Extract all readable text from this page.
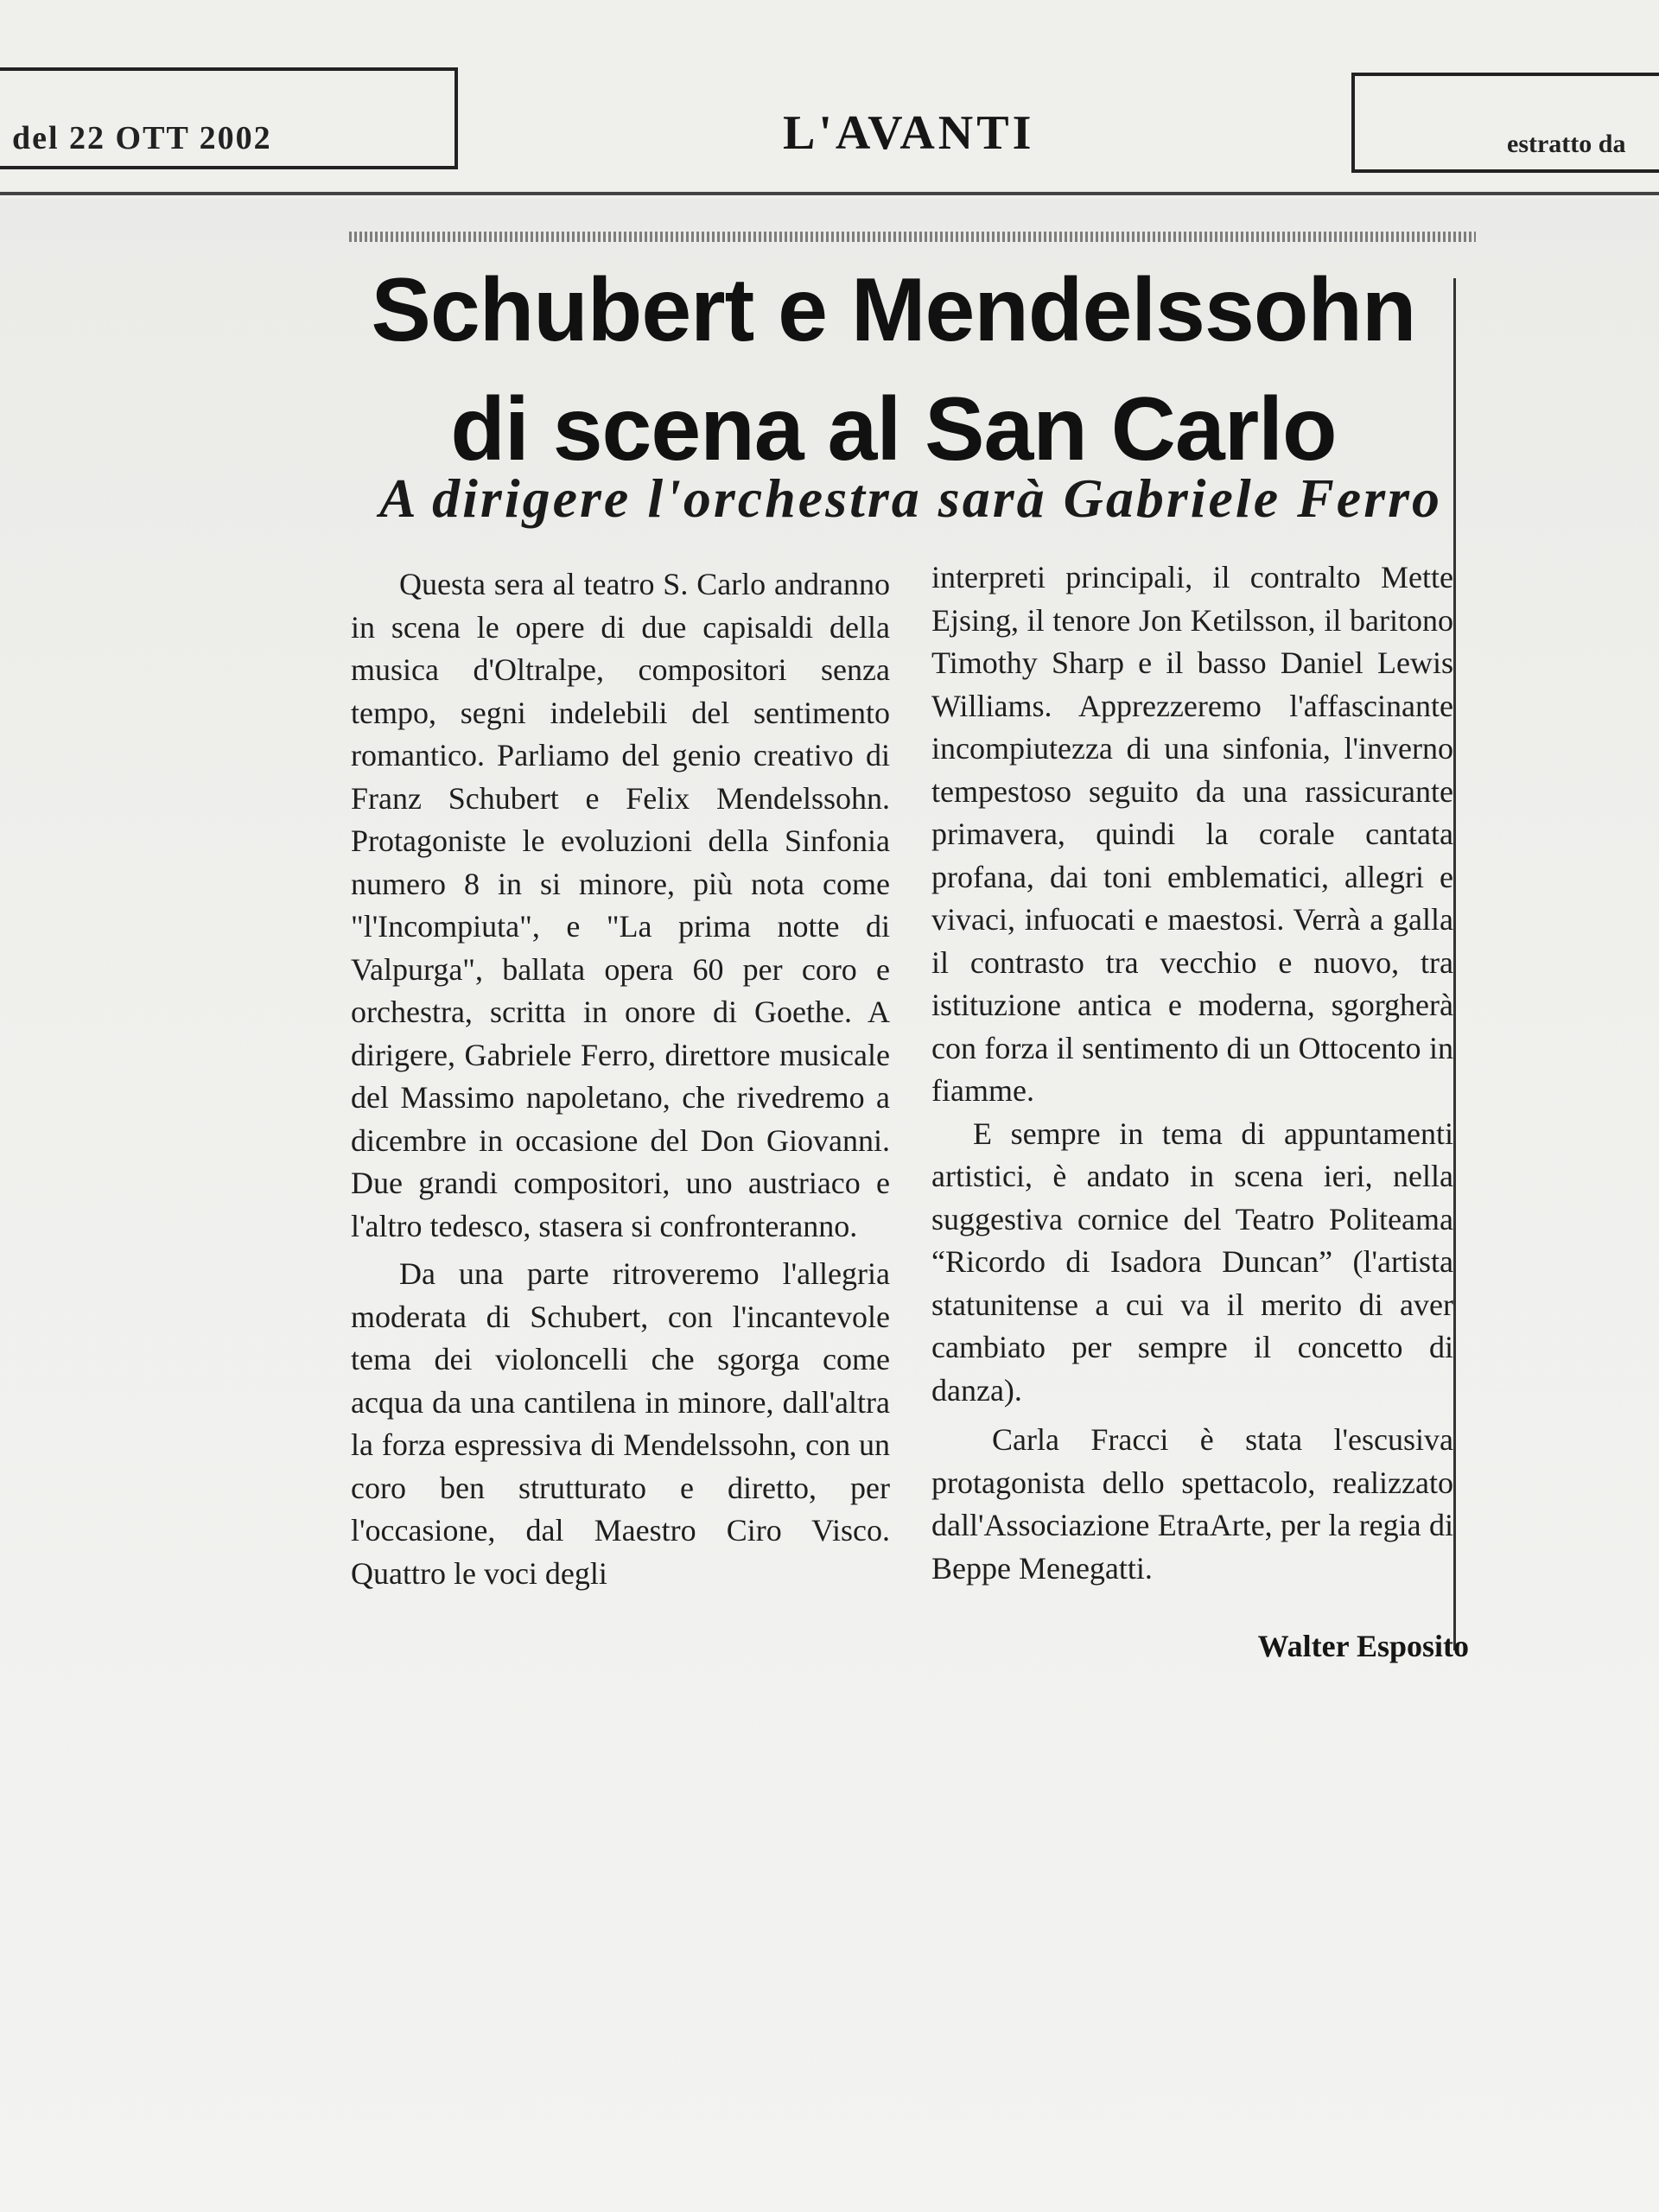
del 22 OTT 2002	L'AVANTI	estratto da
Schubert e Mendelssohn
di scena al San Carlo
A dirigere l'orchestra sarà Gabriele Ferro

Questa sera al teatro S. Carlo andranno in scena le opere di due capisaldi della musica d'Oltralpe, compositori senza tempo, segni indelebili del sentimento romantico. Parliamo del genio creativo di Franz Schubert e Felix Mendelssohn. Protagoniste le evoluzioni della Sinfonia numero 8 in si minore, più nota come "l'Incompiuta", e "La prima notte di Valpurga", ballata opera 60 per coro e orchestra, scritta in onore di Goethe. A dirigere, Gabriele Ferro, direttore musicale del Massimo napoletano, che rivedremo a dicembre in occasione del Don Giovanni. Due grandi compositori, uno austriaco e l'altro tedesco, stasera si confronteranno.

Da una parte ritroveremo l'allegria moderata di Schubert, con l'incantevole tema dei violoncelli che sgorga come acqua da una cantilena in minore, dall'altra la forza espressiva di Mendelssohn, con un coro ben strutturato e diretto, per l'occasione, dal Maestro Ciro Visco. Quattro le voci degli

interpreti principali, il contralto Mette Ejsing, il tenore Jon Ketilsson, il baritono Timothy Sharp e il basso Daniel Lewis Williams. Apprezzeremo l'affascinante incompiutezza di una sinfonia, l'inverno tempestoso seguito da una rassicurante primavera, quindi la corale cantata profana, dai toni emblematici, allegri e vivaci, infuocati e maestosi. Verrà a galla il contrasto tra vecchio e nuovo, tra istituzione antica e moderna, sgorgherà con forza il sentimento di un Ottocento in fiamme.

E sempre in tema di appuntamenti artistici, è andato in scena ieri, nella suggestiva cornice del Teatro Politeama “Ricordo di Isadora Duncan” (l'artista statunitense a cui va il merito di aver cambiato per sempre il concetto di danza).

Carla Fracci è stata l'escusiva protagonista dello spettacolo, realizzato dall'Associazione EtraArte, per la regia di Beppe Menegatti.

Walter Esposito
